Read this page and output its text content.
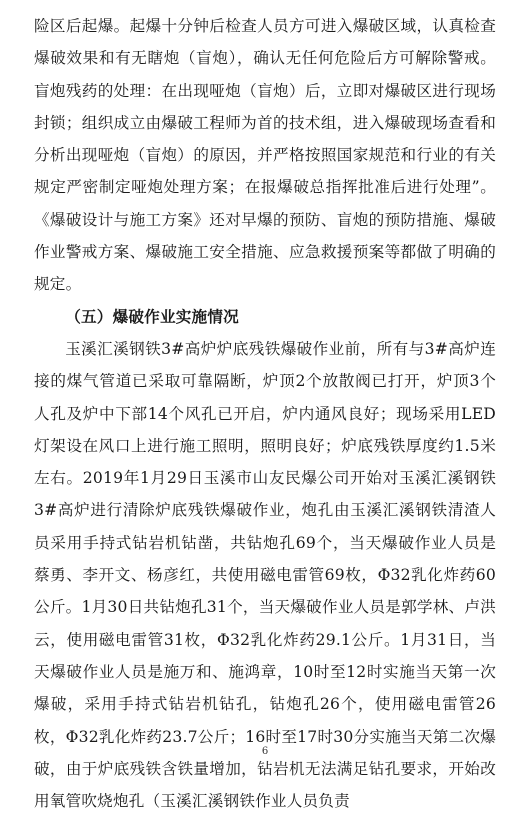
险区后起爆。起爆十分钟后检查人员方可进入爆破区域，认真检查爆破效果和有无瞎炮（盲炮），确认无任何危险后方可解除警戒。盲炮残药的处理：在出现哑炮（盲炮）后，立即对爆破区进行现场封锁；组织成立由爆破工程师为首的技术组，进入爆破现场查看和分析出现哑炮（盲炮）的原因，并严格按照国家规范和行业的有关规定严密制定哑炮处理方案；在报爆破总指挥批准后进行处理”。《爆破设计与施工方案》还对早爆的预防、盲炮的预防措施、爆破作业警戒方案、爆破施工安全措施、应急救援预案等都做了明确的规定。

（五）爆破作业实施情况

玉溪汇溪钢铁3#高炉炉底残铁爆破作业前，所有与3#高炉连接的煤气管道已采取可靠隔断，炉顶2个放散阀已打开，炉顶3个人孔及炉中下部14个风孔已开启，炉内通风良好；现场采用LED灯架设在风口上进行施工照明，照明良好；炉底残铁厚度约1.5米左右。2019年1月29日玉溪市山友民爆公司开始对玉溪汇溪钢铁3#高炉进行清除炉底残铁爆破作业，炮孔由玉溪汇溪钢铁清渣人员采用手持式钻岩机钻凿，共钻炮孔69个，当天爆破作业人员是蔡勇、李开文、杨彦红，共使用磁电雷管69枚，Φ32乳化炸药60公斤。1月30日共钻炮孔31个，当天爆破作业人员是郭学林、卢洪云，使用磁电雷管31枚，Φ32乳化炸药29.1公斤。1月31日，当天爆破作业人员是施万和、施鸿章，10时至12时实施当天第一次爆破，采用手持式钻岩机钻孔，钻炮孔26个，使用磁电雷管26枚，Φ32乳化炸药23.7公斤；16时至17时30分实施当天第二次爆破，由于炉底残铁含铁量增加，钻岩机无法满足钻孔要求，开始改用氧管吹烧炮孔（玉溪汇溪钢铁作业人员负责

6
